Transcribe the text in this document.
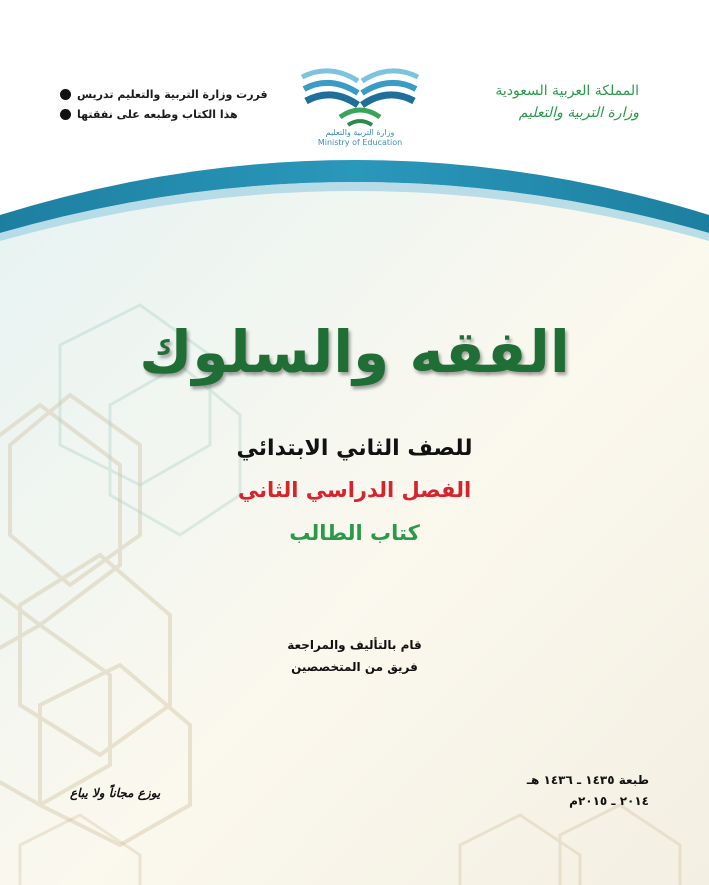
المملكة العربية السعودية
وزارة التربية والتعليم
قررت وزارة التربية والتعليم تدريس
هذا الكتاب وطبعه على نفقتها
وزارة التربية والتعليم
Ministry of Education
الفقه والسلوك
للصف الثاني الابتدائي
الفصل الدراسي الثاني
كتاب الطالب
قام بالتأليف والمراجعة
فريق من المتخصصين
طبعة ١٤٣٥ ـ ١٤٣٦ هـ
٢٠١٤ ـ ٢٠١٥م
يوزع مجاناً ولا يباع
